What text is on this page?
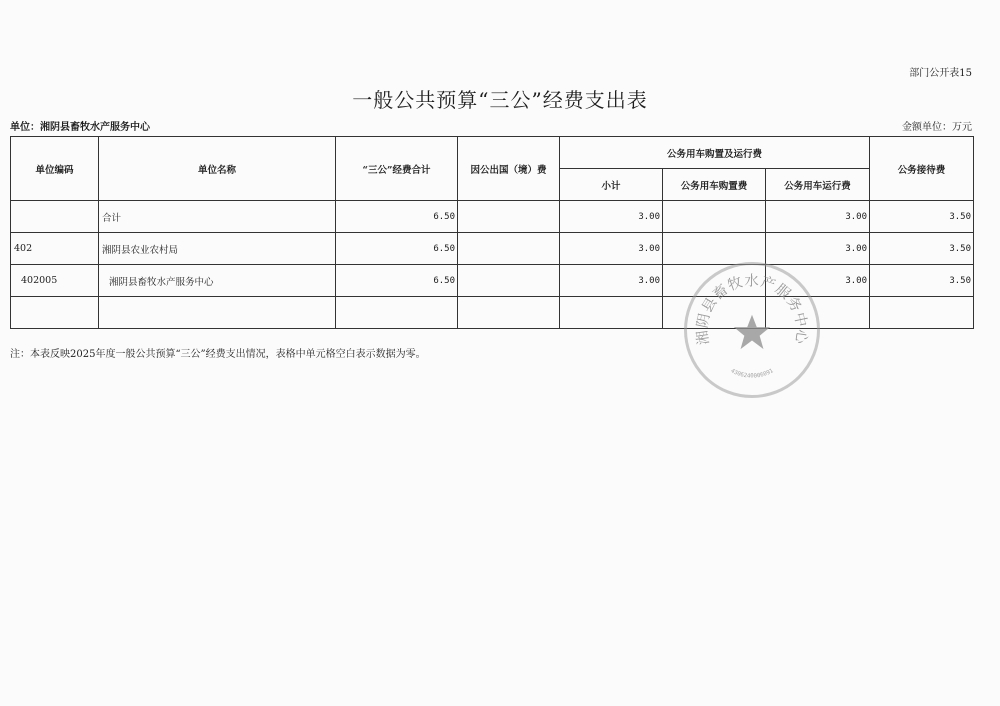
部门公开表15
一般公共预算“三公”经费支出表
单位：湘阴县畜牧水产服务中心	金额单位：万元
单位编码	单位名称	“三公”经费合计	因公出国（境）费	公务用车购置及运行费			公务接待费
				小计	公务用车购置费	公务用车运行费	
	合计	6.50		3.00		3.00	3.50
402	湘阴县农业农村局	6.50		3.00		3.00	3.50
402005	湘阴县畜牧水产服务中心	6.50		3.00		3.00	3.50

注：本表反映2025年度一般公共预算“三公”经费支出情况，表格中单元格空白表示数据为零。
湘阴县畜牧水产服务中心
4306240006091
